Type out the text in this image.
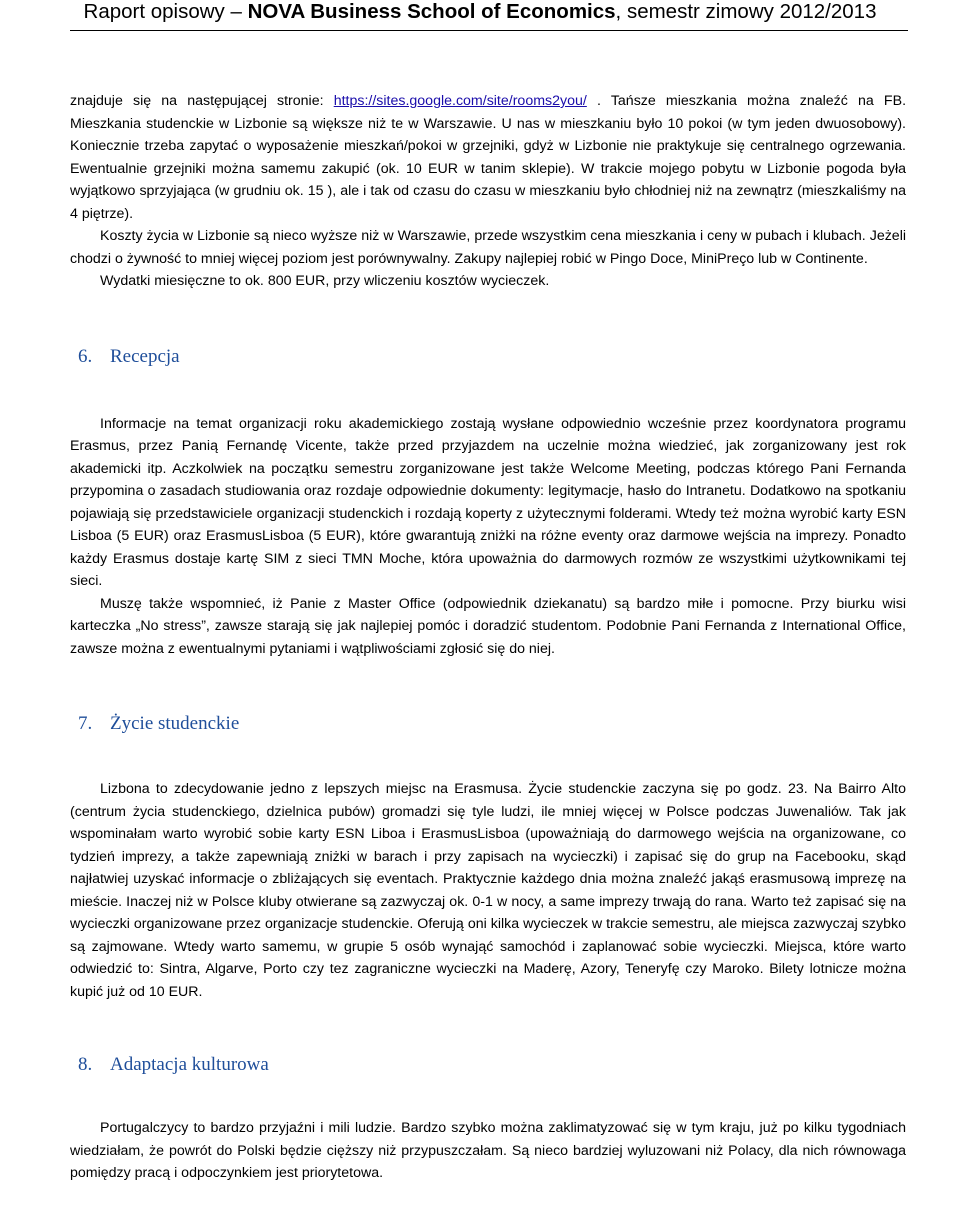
Raport opisowy – NOVA Business School of Economics, semestr zimowy 2012/2013

znajduje się na następującej stronie: https://sites.google.com/site/rooms2you/ . Tańsze mieszkania można znaleźć na FB. Mieszkania studenckie w Lizbonie są większe niż te w Warszawie. U nas w mieszkaniu było 10 pokoi (w tym jeden dwuosobowy). Koniecznie trzeba zapytać o wyposażenie mieszkań/pokoi w grzejniki, gdyż w Lizbonie nie praktykuje się centralnego ogrzewania. Ewentualnie grzejniki można samemu zakupić (ok. 10 EUR w tanim sklepie). W trakcie mojego pobytu w Lizbonie pogoda była wyjątkowo sprzyjająca (w grudniu ok. 15 ), ale i tak od czasu do czasu w mieszkaniu było chłodniej niż na zewnątrz (mieszkaliśmy na 4 piętrze).

Koszty życia w Lizbonie są nieco wyższe niż w Warszawie, przede wszystkim cena mieszkania i ceny w pubach i klubach. Jeżeli chodzi o żywność to mniej więcej poziom jest porównywalny. Zakupy najlepiej robić w Pingo Doce, MiniPreço lub w Continente.

Wydatki miesięczne to ok. 800 EUR, przy wliczeniu kosztów wycieczek.

6. Recepcja

Informacje na temat organizacji roku akademickiego zostają wysłane odpowiednio wcześnie przez koordynatora programu Erasmus, przez Panią Fernandę Vicente, także przed przyjazdem na uczelnie można wiedzieć, jak zorganizowany jest rok akademicki itp. Aczkolwiek na początku semestru zorganizowane jest także Welcome Meeting, podczas którego Pani Fernanda przypomina o zasadach studiowania oraz rozdaje odpowiednie dokumenty: legitymacje, hasło do Intranetu. Dodatkowo na spotkaniu pojawiają się przedstawiciele organizacji studenckich i rozdają koperty z użytecznymi folderami. Wtedy też można wyrobić karty ESN Lisboa (5 EUR) oraz ErasmusLisboa (5 EUR), które gwarantują zniżki na różne eventy oraz darmowe wejścia na imprezy. Ponadto każdy Erasmus dostaje kartę SIM z sieci TMN Moche, która upoważnia do darmowych rozmów ze wszystkimi użytkownikami tej sieci.

Muszę także wspomnieć, iż Panie z Master Office (odpowiednik dziekanatu) są bardzo miłe i pomocne. Przy biurku wisi karteczka „No stress”, zawsze starają się jak najlepiej pomóc i doradzić studentom. Podobnie Pani Fernanda z International Office, zawsze można z ewentualnymi pytaniami i wątpliwościami zgłosić się do niej.

7. Życie studenckie

Lizbona to zdecydowanie jedno z lepszych miejsc na Erasmusa. Życie studenckie zaczyna się po godz. 23. Na Bairro Alto (centrum życia studenckiego, dzielnica pubów) gromadzi się tyle ludzi, ile mniej więcej w Polsce podczas Juwenaliów. Tak jak wspominałam warto wyrobić sobie karty ESN Liboa i ErasmusLisboa (upoważniają do darmowego wejścia na organizowane, co tydzień imprezy, a także zapewniają zniżki w barach i przy zapisach na wycieczki) i zapisać się do grup na Facebooku, skąd najłatwiej uzyskać informacje o zbliżających się eventach. Praktycznie każdego dnia można znaleźć jakąś erasmusową imprezę na mieście. Inaczej niż w Polsce kluby otwierane są zazwyczaj ok. 0-1 w nocy, a same imprezy trwają do rana. Warto też zapisać się na wycieczki organizowane przez organizacje studenckie. Oferują oni kilka wycieczek w trakcie semestru, ale miejsca zazwyczaj szybko są zajmowane. Wtedy warto samemu, w grupie 5 osób wynająć samochód i zaplanować sobie wycieczki. Miejsca, które warto odwiedzić to: Sintra, Algarve, Porto czy tez zagraniczne wycieczki na Maderę, Azory, Teneryfę czy Maroko. Bilety lotnicze można kupić już od 10 EUR.

8. Adaptacja kulturowa

Portugalczycy to bardzo przyjaźni i mili ludzie. Bardzo szybko można zaklimatyzować się w tym kraju, już po kilku tygodniach wiedziałam, że powrót do Polski będzie cięższy niż przypuszczałam. Są nieco bardziej wyluzowani niż Polacy, dla nich równowaga pomiędzy pracą i odpoczynkiem jest priorytetowa.
